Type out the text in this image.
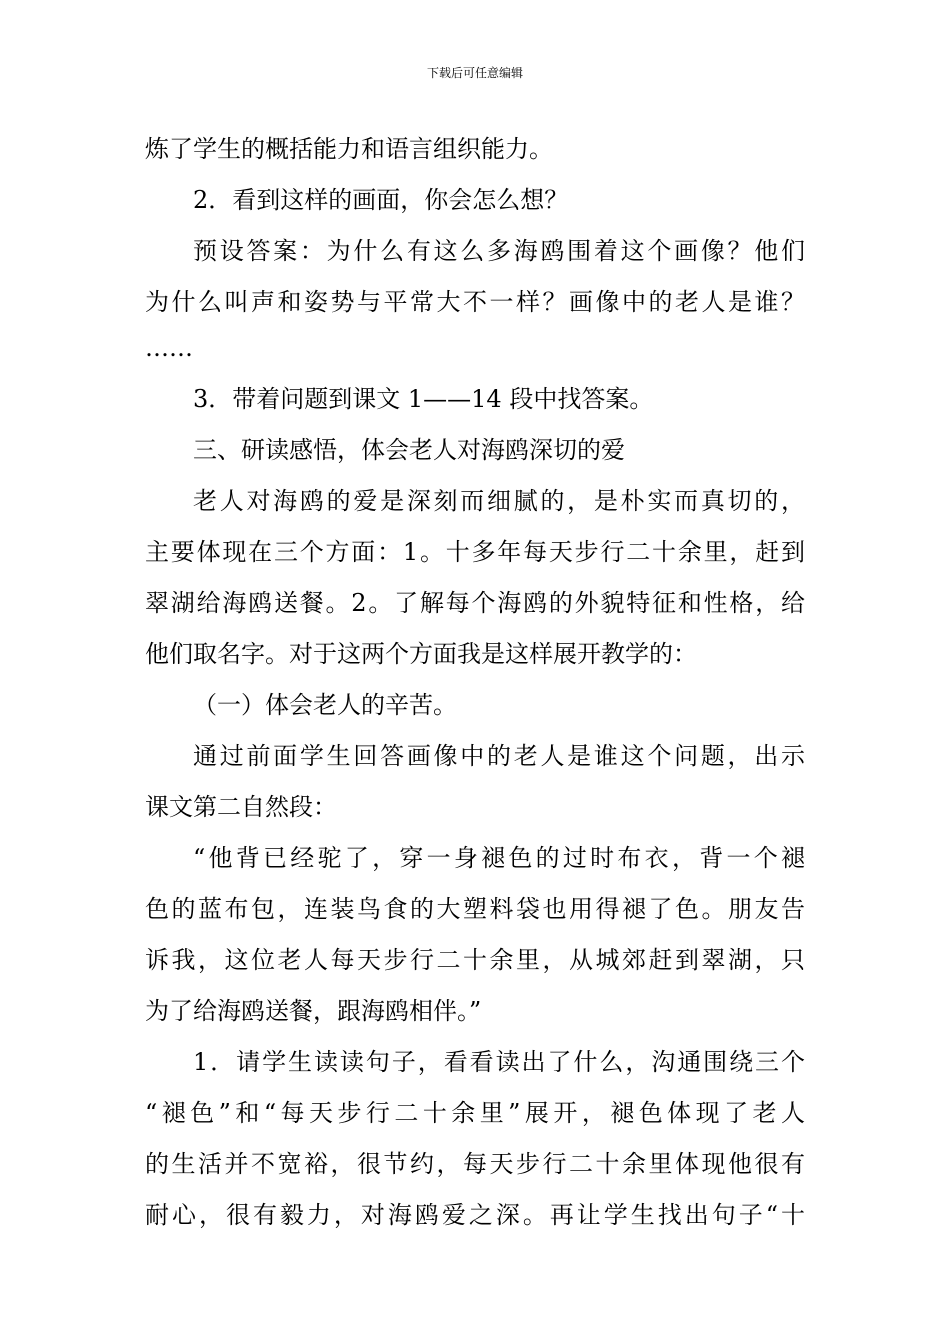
下载后可任意编辑
炼了学生的概括能力和语言组织能力。
2．看到这样的画面，你会怎么想？
预设答案：为什么有这么多海鸥围着这个画像？他们
为什么叫声和姿势与平常大不一样？画像中的老人是谁？
……
3．带着问题到课文 1——14 段中找答案。
三、研读感悟，体会老人对海鸥深切的爱
老人对海鸥的爱是深刻而细腻的，是朴实而真切的，
主要体现在三个方面：1。十多年每天步行二十余里，赶到
翠湖给海鸥送餐。2。了解每个海鸥的外貌特征和性格，给
他们取名字。对于这两个方面我是这样展开教学的：
（一）体会老人的辛苦。
通过前面学生回答画像中的老人是谁这个问题，出示
课文第二自然段：
“他背已经驼了，穿一身褪色的过时布衣，背一个褪
色的蓝布包，连装鸟食的大塑料袋也用得褪了色。朋友告
诉我，这位老人每天步行二十余里，从城郊赶到翠湖，只
为了给海鸥送餐，跟海鸥相伴。”
1．请学生读读句子，看看读出了什么，沟通围绕三个
“褪色”和“每天步行二十余里”展开，褪色体现了老人
的生活并不宽裕，很节约，每天步行二十余里体现他很有
耐心，很有毅力，对海鸥爱之深。再让学生找出句子“十
